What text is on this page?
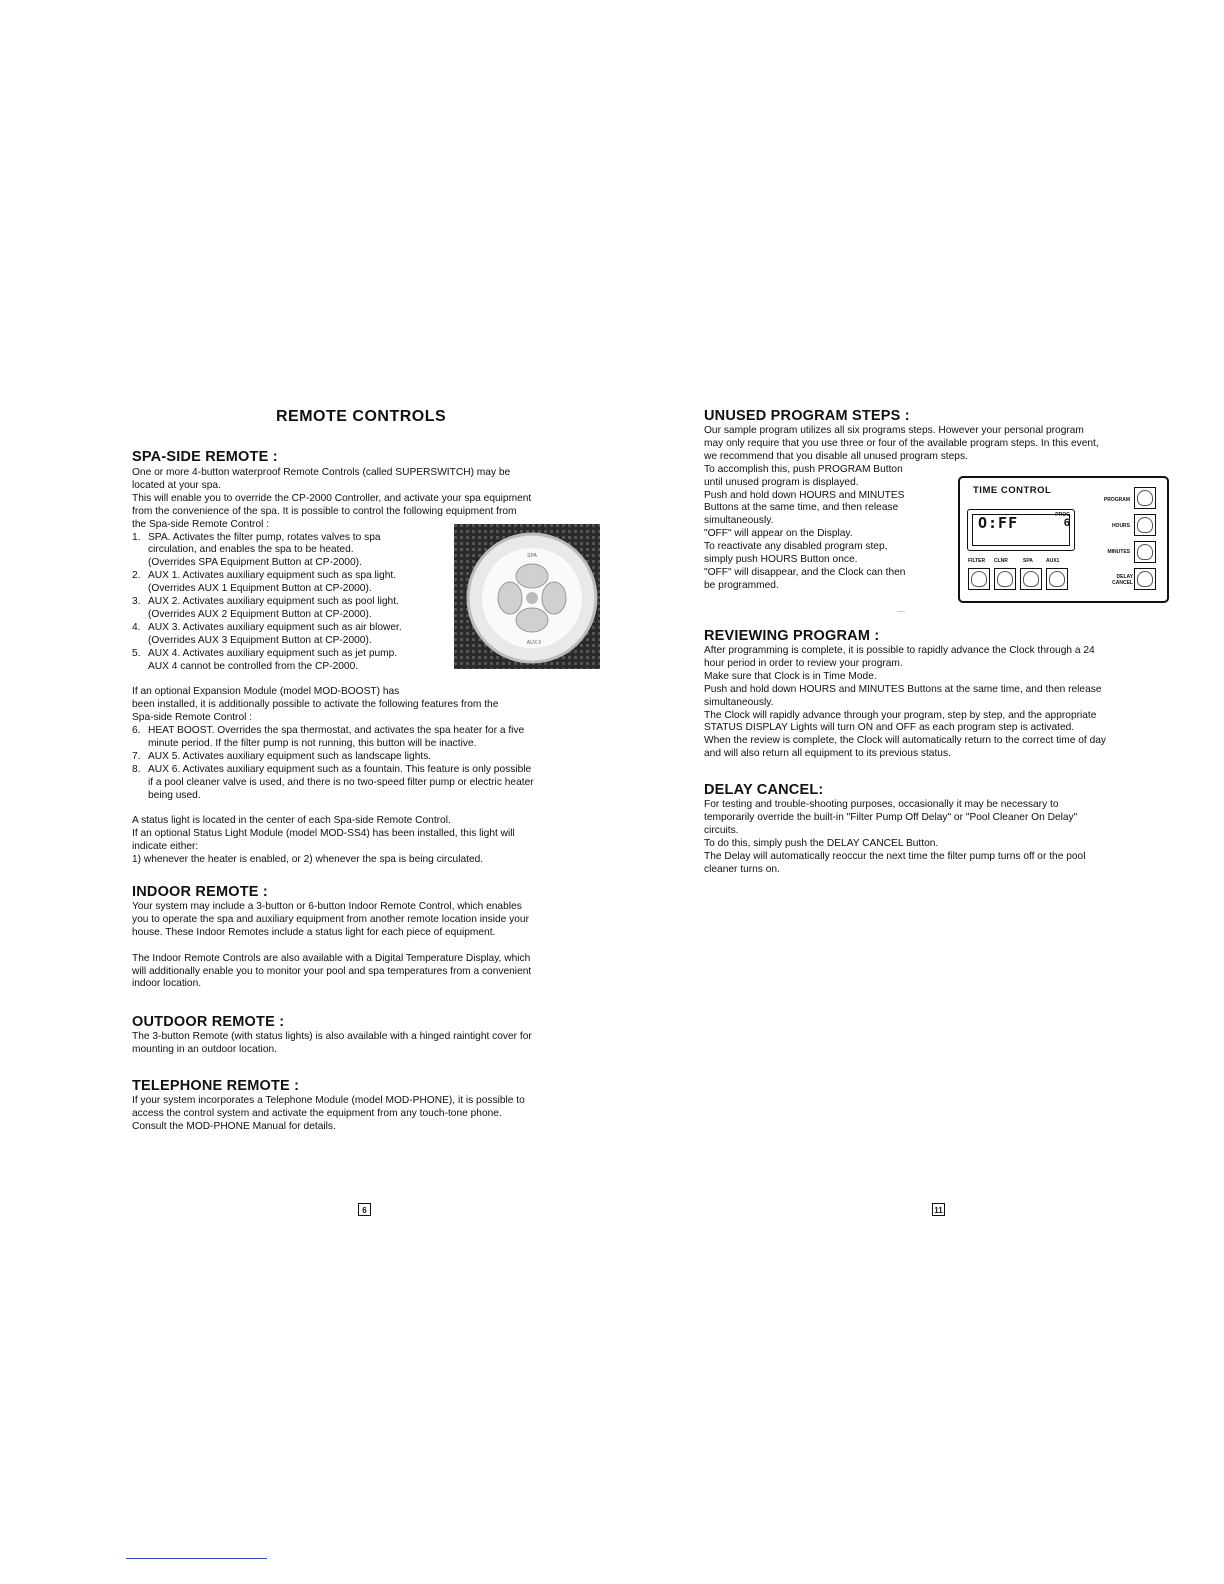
REMOTE CONTROLS
SPA-SIDE REMOTE :
One or more 4-button waterproof Remote Controls (called SUPERSWITCH) may be
located at your spa.
This will enable you to override the CP-2000 Controller, and activate your spa equipment
from the convenience of the spa. It is possible to control the following equipment from
the Spa-side Remote Control :
1. SPA. Activates the filter pump, rotates valves to spa
circulation, and enables the spa to be heated.
(Overrides SPA Equipment Button at CP-2000).
2. AUX 1. Activates auxiliary equipment such as spa light.
(Overrides AUX 1 Equipment Button at CP-2000).
3. AUX 2. Activates auxiliary equipment such as pool light.
(Overrides AUX 2 Equipment Button at CP-2000).
4. AUX 3. Activates auxiliary equipment such as air blower.
(Overrides AUX 3 Equipment Button at CP-2000).
5. AUX 4. Activates auxiliary equipment such as jet pump.
AUX 4 cannot be controlled from the CP-2000.
If an optional Expansion Module (model MOD-BOOST) has
been installed, it is additionally possible to activate the following features from the
Spa-side Remote Control :
6. HEAT BOOST. Overrides the spa thermostat, and activates the spa heater for a five
minute period. If the filter pump is not running, this button will be inactive.
7. AUX 5. Activates auxiliary equipment such as landscape lights.
8. AUX 6. Activates auxiliary equipment such as a fountain. This feature is only possible
if a pool cleaner valve is used, and there is no two-speed filter pump or electric heater
being used.
A status light is located in the center of each Spa-side Remote Control.
If an optional Status Light Module (model MOD-SS4) has been installed, this light will
indicate either:
1) whenever the heater is enabled, or 2) whenever the spa is being circulated.
INDOOR REMOTE :
Your system may include a 3-button or 6-button Indoor Remote Control, which enables
you to operate the spa and auxiliary equipment from another remote location inside your
house. These Indoor Remotes include a status light for each piece of equipment.
The Indoor Remote Controls are also available with a Digital Temperature Display, which
will additionally enable you to monitor your pool and spa temperatures from a convenient
indoor location.
OUTDOOR REMOTE :
The 3-button Remote (with status lights) is also available with a hinged raintight cover for
mounting in an outdoor location.
TELEPHONE REMOTE :
If your system incorporates a Telephone Module (model MOD-PHONE), it is possible to
access the control system and activate the equipment from any touch-tone phone.
Consult the MOD-PHONE Manual for details.
SPA
AUX 5
6
UNUSED PROGRAM STEPS :
Our sample program utilizes all six programs steps. However your personal program
may only require that you use three or four of the available program steps. In this event,
we recommend that you disable all unused program steps.
To accomplish this, push PROGRAM Button
until unused program is displayed.
Push and hold down HOURS and MINUTES
Buttons at the same time, and then release
simultaneously.
"OFF" will appear on the Display.
To reactivate any disabled program step,
simply push HOURS Button once.
"OFF" will disappear, and the Clock can then
be programmed.
REVIEWING PROGRAM :
After programming is complete, it is possible to rapidly advance the Clock through a 24
hour period in order to review your program.
Make sure that Clock is in Time Mode.
Push and hold down HOURS and MINUTES Buttons at the same time, and then release
simultaneously.
The Clock will rapidly advance through your program, step by step, and the appropriate
STATUS DISPLAY Lights will turn ON and OFF as each program step is activated.
When the review is complete, the Clock will automatically return to the correct time of day
and will also return all equipment to its previous status.
DELAY CANCEL:
For testing and trouble-shooting purposes, occasionally it may be necessary to
temporarily override the built-in "Filter Pump Off Delay" or "Pool Cleaner On Delay"
circuits.
To do this, simply push the DELAY CANCEL Button.
The Delay will automatically reoccur the next time the filter pump turns off or the pool
cleaner turns on.
TIME CONTROL
O:FF	PROG
6
FILTER CLNR	SPA	AUX1
PROGRAM
HOURS
MINUTES
DELAY CANCEL
11
